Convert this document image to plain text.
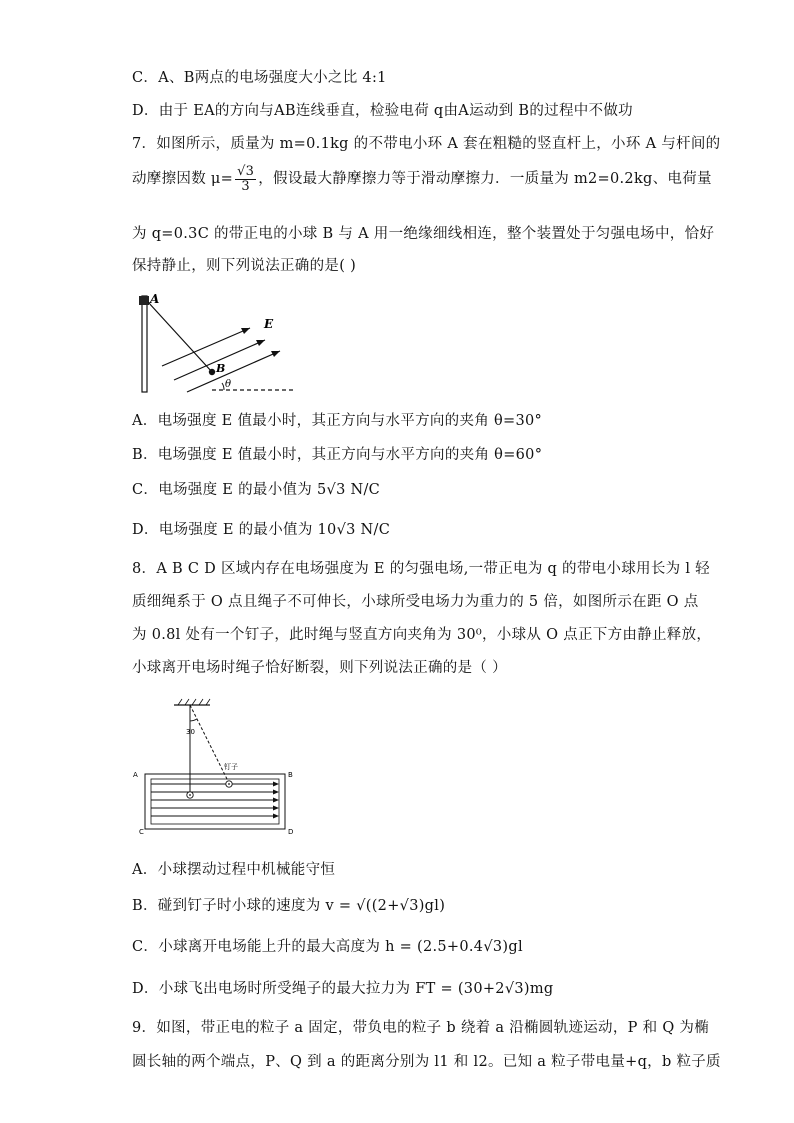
C．A、B两点的电场强度大小之比 4:1
D．由于 EA的方向与AB连线垂直，检验电荷 q由A运动到 B的过程中不做功
7．如图所示，质量为 m=0.1kg 的不带电小环 A 套在粗糙的竖直杆上，小环 A 与杆间的
动摩擦因数 $\mu= \frac{√3}{3}$ ，假设最大静摩擦力等于滑动摩擦力．一质量为 m2=0.2kg、电荷量
为 q=0.3C 的带正电的小球 B 与 A 用一绝缘细线相连，整个装置处于匀强电场中，恰好
保持静止，则下列说法正确的是( )
A
B
E
θ
A．电场强度 E 值最小时，其正方向与水平方向的夹角 θ=30°
B．电场强度 E 值最小时，其正方向与水平方向的夹角 θ=60°
C．电场强度 E 的最小值为 5√3 N/C
D．电场强度 E 的最小值为 10√3 N/C
8．A B C D 区域内存在电场强度为 E 的匀强电场,一带正电为 q 的带电小球用长为 l 轻
质细绳系于 O 点且绳子不可伸长，小球所受电场力为重力的 5 倍，如图所示在距 O 点
为 0.8l 处有一个钉子，此时绳与竖直方向夹角为 30⁰，小球从 O 点正下方由静止释放，
小球离开电场时绳子恰好断裂，则下列说法正确的是（ ）
30
钉子
A	B
C	D
A．小球摆动过程中机械能守恒
B．碰到钉子时小球的速度为 v = √((2+√3)gl)
C．小球离开电场能上升的最大高度为 h = (2.5+0.4√3)gl
D．小球飞出电场时所受绳子的最大拉力为 FT = (30+2√3)mg
9．如图，带正电的粒子 a 固定，带负电的粒子 b 绕着 a 沿椭圆轨迹运动，P 和 Q 为椭
圆长轴的两个端点，P、Q 到 a 的距离分别为 l1 和 l2。已知 a 粒子带电量+q，b 粒子质
